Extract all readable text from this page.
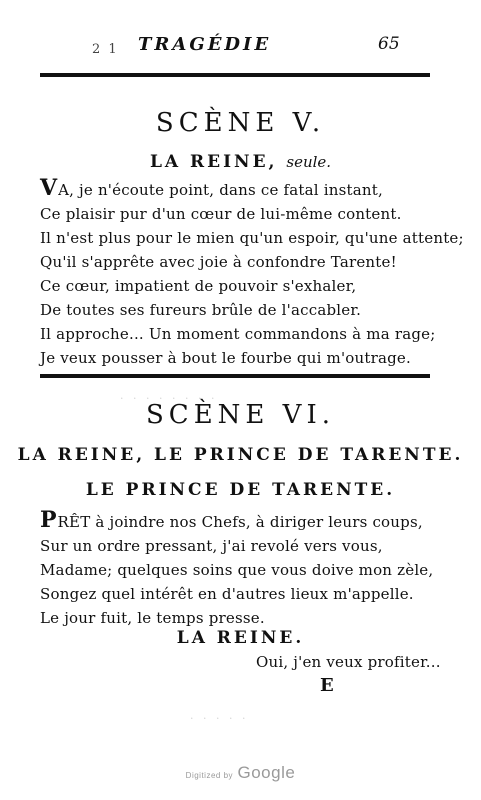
2 1 TRAGÉDIE	65
SCÈNE V.
LA REINE, seule.
VA, je n'écoute point, dans ce fatal instant,
Ce plaisir pur d'un cœur de lui-même content.
Il n'est plus pour le mien qu'un espoir, qu'une attente;
Qu'il s'apprête avec joie à confondre Tarente!
Ce cœur, impatient de pouvoir s'exhaler,
De toutes ses fureurs brûle de l'accabler.
Il approche... Un moment commandons à ma rage;
Je veux pousser à bout le fourbe qui m'outrage.
SCÈNE VI.
LA REINE, LE PRINCE DE TARENTE.
LE PRINCE DE TARENTE.
PRÊT à joindre nos Chefs, à diriger leurs coups,
Sur un ordre pressant, j'ai revolé vers vous,
Madame; quelques soins que vous doive mon zèle,
Songez quel intérêt en d'autres lieux m'appelle.
Le jour fuit, le temps presse.
LA REINE.
Oui, j'en veux profiter...
E
· · · · · · · ·
· · · · ·
Digitized by Google
